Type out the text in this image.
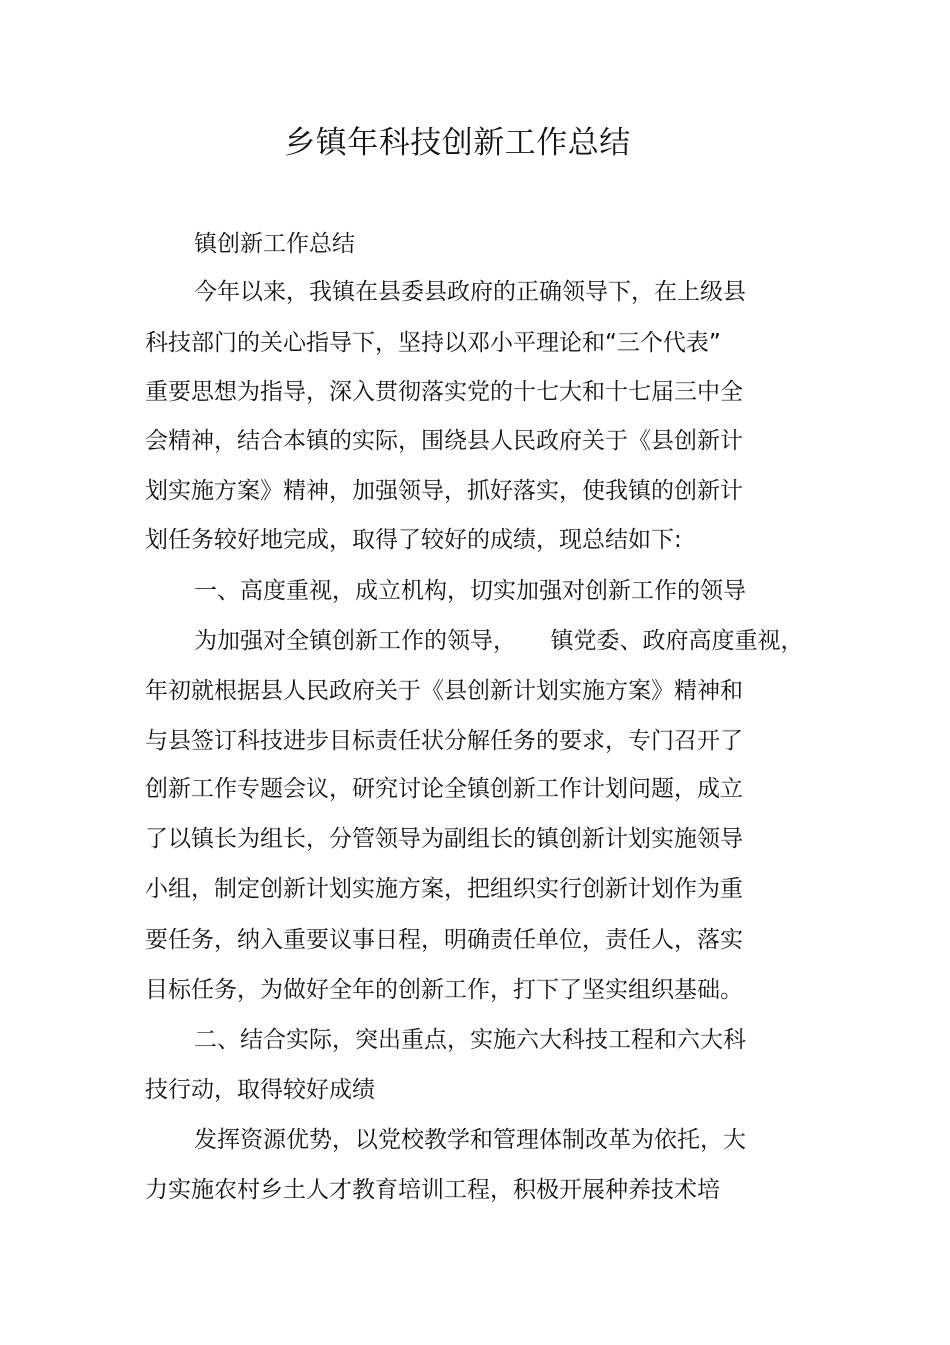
乡镇年科技创新工作总结
镇创新工作总结
今年以来，我镇在县委县政府的正确领导下，在上级县
科技部门的关心指导下，坚持以邓小平理论和“三个代表”
重要思想为指导，深入贯彻落实党的十七大和十七届三中全
会精神，结合本镇的实际，围绕县人民政府关于《县创新计
划实施方案》精神，加强领导，抓好落实，使我镇的创新计
划任务较好地完成，取得了较好的成绩，现总结如下:
一、高度重视，成立机构，切实加强对创新工作的领导
为加强对全镇创新工作的领导，　　镇党委、政府高度重视，
年初就根据县人民政府关于《县创新计划实施方案》精神和
与县签订科技进步目标责任状分解任务的要求，专门召开了
创新工作专题会议，研究讨论全镇创新工作计划问题，成立
了以镇长为组长，分管领导为副组长的镇创新计划实施领导
小组，制定创新计划实施方案，把组织实行创新计划作为重
要任务，纳入重要议事日程，明确责任单位，责任人，落实
目标任务，为做好全年的创新工作，打下了坚实组织基础。
二、结合实际，突出重点，实施六大科技工程和六大科
技行动，取得较好成绩
发挥资源优势，以党校教学和管理体制改革为依托，大
力实施农村乡土人才教育培训工程，积极开展种养技术培
